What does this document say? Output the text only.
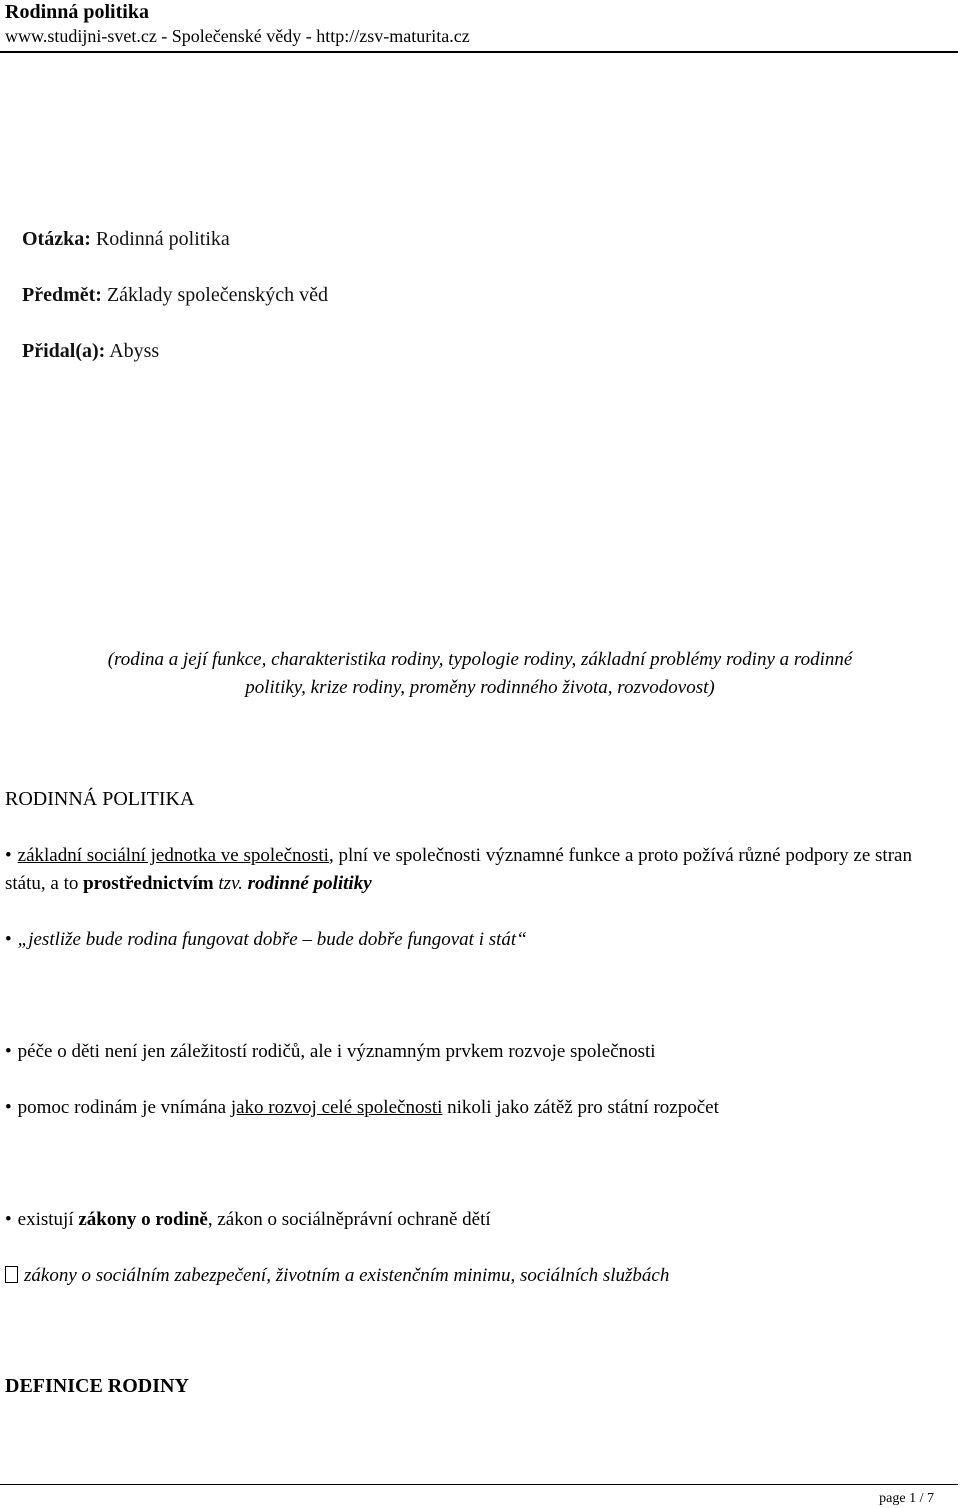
Rodinná politika
www.studijni-svet.cz - Společenské vědy - http://zsv-maturita.cz
Otázka: Rodinná politika
Předmět: Základy společenských věd
Přidal(a): Abyss
(rodina a její funkce, charakteristika rodiny, typologie rodiny, základní problémy rodiny a rodinné
politiky, krize rodiny, proměny rodinného života, rozvodovost)
RODINNÁ POLITIKA
• základní sociální jednotka ve společnosti, plní ve společnosti významné funkce a proto požívá různé podpory ze stran státu, a to prostřednictvím tzv. rodinné politiky
• „jestliže bude rodina fungovat dobře – bude dobře fungovat i stát“
• péče o děti není jen záležitostí rodičů, ale i významným prvkem rozvoje společnosti
• pomoc rodinám je vnímána jako rozvoj celé společnosti nikoli jako zátěž pro státní rozpočet
• existují zákony o rodině, zákon o sociálněprávní ochraně dětí
zákony o sociálním zabezpečení, životním a existenčním minimu, sociálních službách
DEFINICE RODINY
page 1 / 7
